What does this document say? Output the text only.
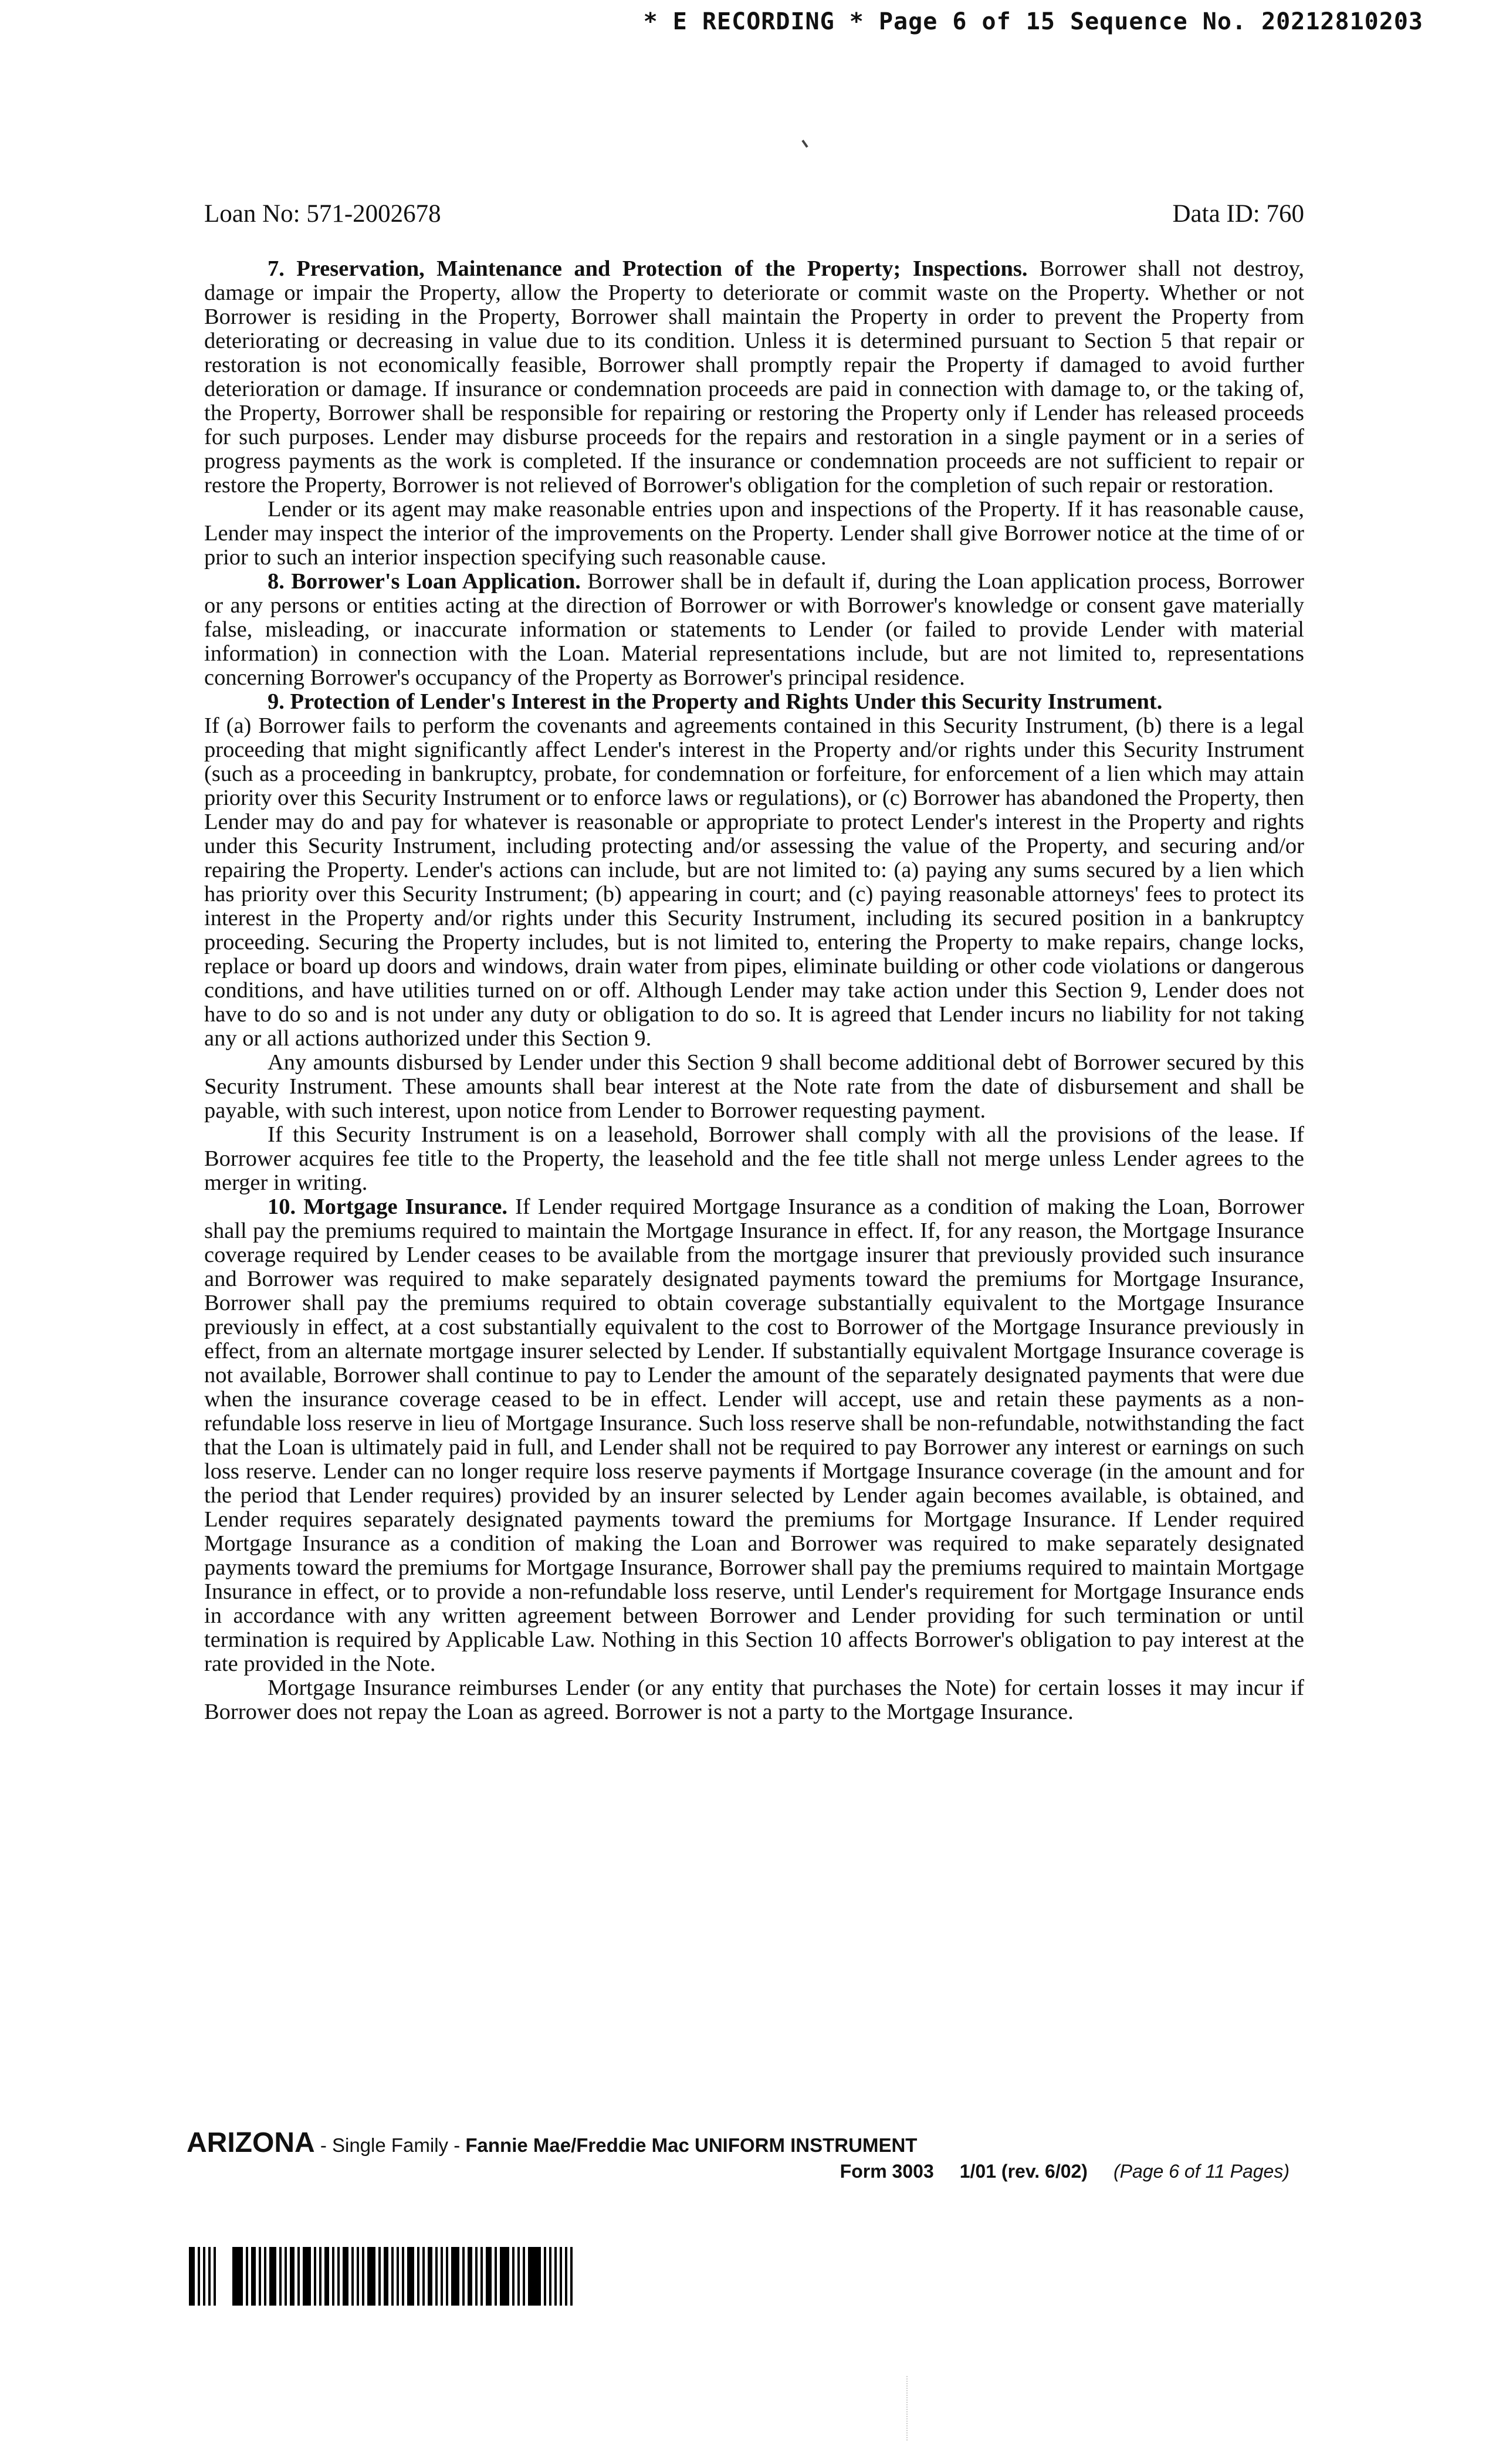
* E RECORDING * Page 6 of 15 Sequence No. 20212810203
Loan No: 571-2002678	Data ID: 760

7. Preservation, Maintenance and Protection of the Property; Inspections. Borrower shall not destroy, damage or impair the Property, allow the Property to deteriorate or commit waste on the Property. Whether or not Borrower is residing in the Property, Borrower shall maintain the Property in order to prevent the Property from deteriorating or decreasing in value due to its condition. Unless it is determined pursuant to Section 5 that repair or restoration is not economically feasible, Borrower shall promptly repair the Property if damaged to avoid further deterioration or damage. If insurance or condemnation proceeds are paid in connection with damage to, or the taking of, the Property, Borrower shall be responsible for repairing or restoring the Property only if Lender has released proceeds for such purposes. Lender may disburse proceeds for the repairs and restoration in a single payment or in a series of progress payments as the work is completed. If the insurance or condemnation proceeds are not sufficient to repair or restore the Property, Borrower is not relieved of Borrower's obligation for the completion of such repair or restoration.

Lender or its agent may make reasonable entries upon and inspections of the Property. If it has reasonable cause, Lender may inspect the interior of the improvements on the Property. Lender shall give Borrower notice at the time of or prior to such an interior inspection specifying such reasonable cause.

8. Borrower's Loan Application. Borrower shall be in default if, during the Loan application process, Borrower or any persons or entities acting at the direction of Borrower or with Borrower's knowledge or consent gave materially false, misleading, or inaccurate information or statements to Lender (or failed to provide Lender with material information) in connection with the Loan. Material representations include, but are not limited to, representations concerning Borrower's occupancy of the Property as Borrower's principal residence.

9. Protection of Lender's Interest in the Property and Rights Under this Security Instrument.

If (a) Borrower fails to perform the covenants and agreements contained in this Security Instrument, (b) there is a legal proceeding that might significantly affect Lender's interest in the Property and/or rights under this Security Instrument (such as a proceeding in bankruptcy, probate, for condemnation or forfeiture, for enforcement of a lien which may attain priority over this Security Instrument or to enforce laws or regulations), or (c) Borrower has abandoned the Property, then Lender may do and pay for whatever is reasonable or appropriate to protect Lender's interest in the Property and rights under this Security Instrument, including protecting and/or assessing the value of the Property, and securing and/or repairing the Property. Lender's actions can include, but are not limited to: (a) paying any sums secured by a lien which has priority over this Security Instrument; (b) appearing in court; and (c) paying reasonable attorneys' fees to protect its interest in the Property and/or rights under this Security Instrument, including its secured position in a bankruptcy proceeding. Securing the Property includes, but is not limited to, entering the Property to make repairs, change locks, replace or board up doors and windows, drain water from pipes, eliminate building or other code violations or dangerous conditions, and have utilities turned on or off. Although Lender may take action under this Section 9, Lender does not have to do so and is not under any duty or obligation to do so. It is agreed that Lender incurs no liability for not taking any or all actions authorized under this Section 9.

Any amounts disbursed by Lender under this Section 9 shall become additional debt of Borrower secured by this Security Instrument. These amounts shall bear interest at the Note rate from the date of disbursement and shall be payable, with such interest, upon notice from Lender to Borrower requesting payment.

If this Security Instrument is on a leasehold, Borrower shall comply with all the provisions of the lease. If Borrower acquires fee title to the Property, the leasehold and the fee title shall not merge unless Lender agrees to the merger in writing.

10. Mortgage Insurance. If Lender required Mortgage Insurance as a condition of making the Loan, Borrower shall pay the premiums required to maintain the Mortgage Insurance in effect. If, for any reason, the Mortgage Insurance coverage required by Lender ceases to be available from the mortgage insurer that previously provided such insurance and Borrower was required to make separately designated payments toward the premiums for Mortgage Insurance, Borrower shall pay the premiums required to obtain coverage substantially equivalent to the Mortgage Insurance previously in effect, at a cost substantially equivalent to the cost to Borrower of the Mortgage Insurance previously in effect, from an alternate mortgage insurer selected by Lender. If substantially equivalent Mortgage Insurance coverage is not available, Borrower shall continue to pay to Lender the amount of the separately designated payments that were due when the insurance coverage ceased to be in effect. Lender will accept, use and retain these payments as a non-refundable loss reserve in lieu of Mortgage Insurance. Such loss reserve shall be non-refundable, notwithstanding the fact that the Loan is ultimately paid in full, and Lender shall not be required to pay Borrower any interest or earnings on such loss reserve. Lender can no longer require loss reserve payments if Mortgage Insurance coverage (in the amount and for the period that Lender requires) provided by an insurer selected by Lender again becomes available, is obtained, and Lender requires separately designated payments toward the premiums for Mortgage Insurance. If Lender required Mortgage Insurance as a condition of making the Loan and Borrower was required to make separately designated payments toward the premiums for Mortgage Insurance, Borrower shall pay the premiums required to maintain Mortgage Insurance in effect, or to provide a non-refundable loss reserve, until Lender's requirement for Mortgage Insurance ends in accordance with any written agreement between Borrower and Lender providing for such termination or until termination is required by Applicable Law. Nothing in this Section 10 affects Borrower's obligation to pay interest at the rate provided in the Note.

Mortgage Insurance reimburses Lender (or any entity that purchases the Note) for certain losses it may incur if Borrower does not repay the Loan as agreed. Borrower is not a party to the Mortgage Insurance.

ARIZONA - Single Family - Fannie Mae/Freddie Mac UNIFORM INSTRUMENT
Form 3003 1/01 (rev. 6/02) (Page 6 of 11 Pages)
